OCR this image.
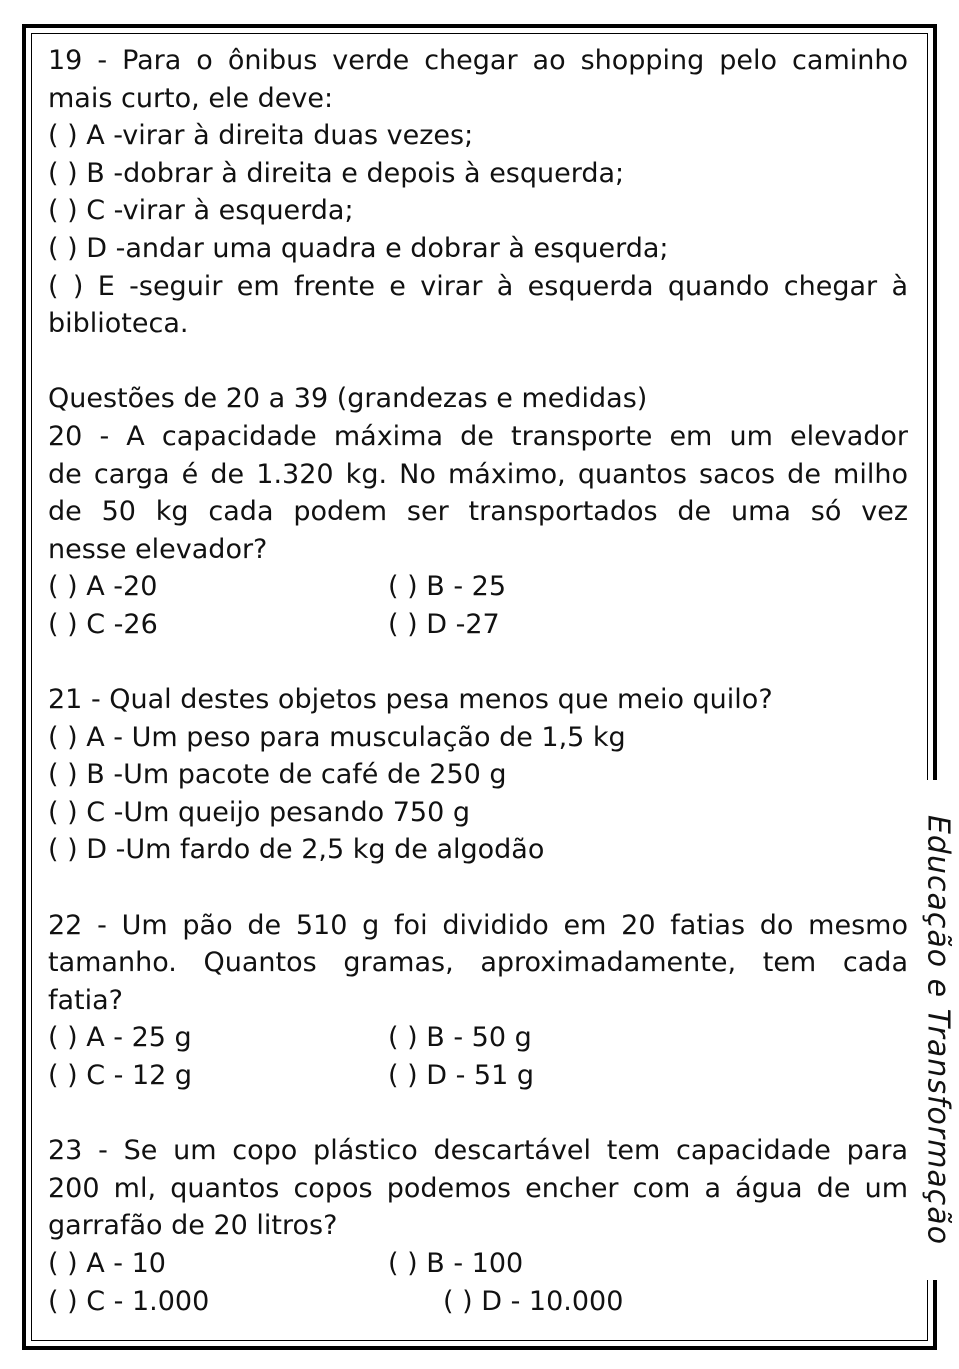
Educação e Transformação
19 - Para o ônibus verde chegar ao shopping pelo caminho
mais curto, ele deve:
( ) A -virar à direita duas vezes;
( ) B -dobrar à direita e depois à esquerda;
( ) C -virar à esquerda;
( ) D -andar uma quadra e dobrar à esquerda;
( ) E -seguir em frente e virar à esquerda quando chegar à
biblioteca.
Questões de 20 a 39 (grandezas e medidas)
20 - A capacidade máxima de transporte em um elevador
de carga é de 1.320 kg. No máximo, quantos sacos de milho
de 50 kg cada podem ser transportados de uma só vez
nesse elevador?
( ) A -20	( ) B - 25
( ) C -26	( ) D -27
21 - Qual destes objetos pesa menos que meio quilo?
( ) A - Um peso para musculação de 1,5 kg
( ) B -Um pacote de café de 250 g
( ) C -Um queijo pesando 750 g
( ) D -Um fardo de 2,5 kg de algodão
22 - Um pão de 510 g foi dividido em 20 fatias do mesmo
tamanho. Quantos gramas, aproximadamente, tem cada
fatia?
( ) A - 25 g	( ) B - 50 g
( ) C - 12 g	( ) D - 51 g
23 - Se um copo plástico descartável tem capacidade para
200 ml, quantos copos podemos encher com a água de um
garrafão de 20 litros?
( ) A - 10	( ) B - 100
( ) C - 1.000	( ) D - 10.000
